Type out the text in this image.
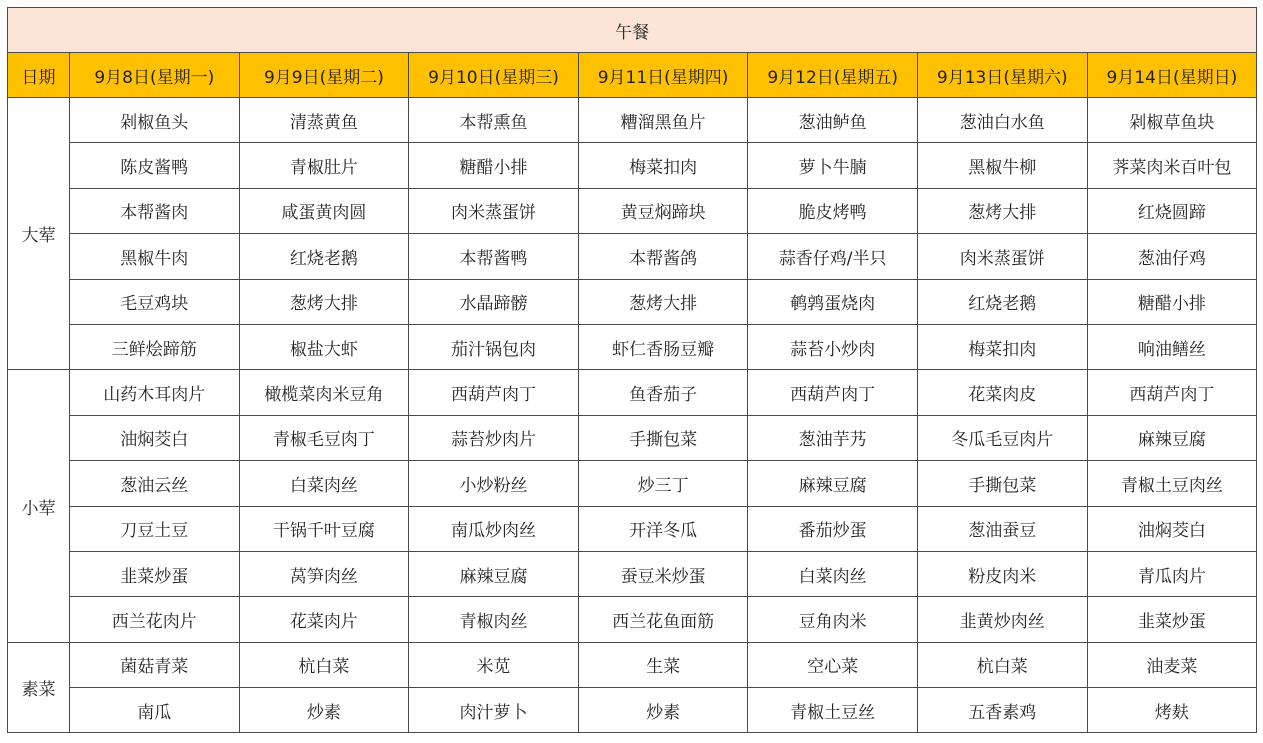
午餐							
日期	9月8日(星期一)	9月9日(星期二)	9月10日(星期三)	9月11日(星期四)	9月12日(星期五)	9月13日(星期六)	9月14日(星期日)
大荤	剁椒鱼头	清蒸黄鱼	本帮熏鱼	糟溜黑鱼片	葱油鲈鱼	葱油白水鱼	剁椒草鱼块
	陈皮酱鸭	青椒肚片	糖醋小排	梅菜扣肉	萝卜牛腩	黑椒牛柳	荠菜肉米百叶包
	本帮酱肉	咸蛋黄肉圆	肉米蒸蛋饼	黄豆焖蹄块	脆皮烤鸭	葱烤大排	红烧圆蹄
	黑椒牛肉	红烧老鹅	本帮酱鸭	本帮酱鸽	蒜香仔鸡/半只	肉米蒸蛋饼	葱油仔鸡
	毛豆鸡块	葱烤大排	水晶蹄髈	葱烤大排	鹌鹑蛋烧肉	红烧老鹅	糖醋小排
	三鲜烩蹄筋	椒盐大虾	茄汁锅包肉	虾仁香肠豆瓣	蒜苔小炒肉	梅菜扣肉	响油鳝丝
小荤	山药木耳肉片	橄榄菜肉米豆角	西葫芦肉丁	鱼香茄子	西葫芦肉丁	花菜肉皮	西葫芦肉丁
	油焖茭白	青椒毛豆肉丁	蒜苔炒肉片	手撕包菜	葱油芋艿	冬瓜毛豆肉片	麻辣豆腐
	葱油云丝	白菜肉丝	小炒粉丝	炒三丁	麻辣豆腐	手撕包菜	青椒土豆肉丝
	刀豆土豆	干锅千叶豆腐	南瓜炒肉丝	开洋冬瓜	番茄炒蛋	葱油蚕豆	油焖茭白
	韭菜炒蛋	莴笋肉丝	麻辣豆腐	蚕豆米炒蛋	白菜肉丝	粉皮肉米	青瓜肉片
	西兰花肉片	花菜肉片	青椒肉丝	西兰花鱼面筋	豆角肉米	韭黄炒肉丝	韭菜炒蛋
素菜	菌菇青菜	杭白菜	米苋	生菜	空心菜	杭白菜	油麦菜
	南瓜	炒素	肉汁萝卜	炒素	青椒土豆丝	五香素鸡	烤麸
